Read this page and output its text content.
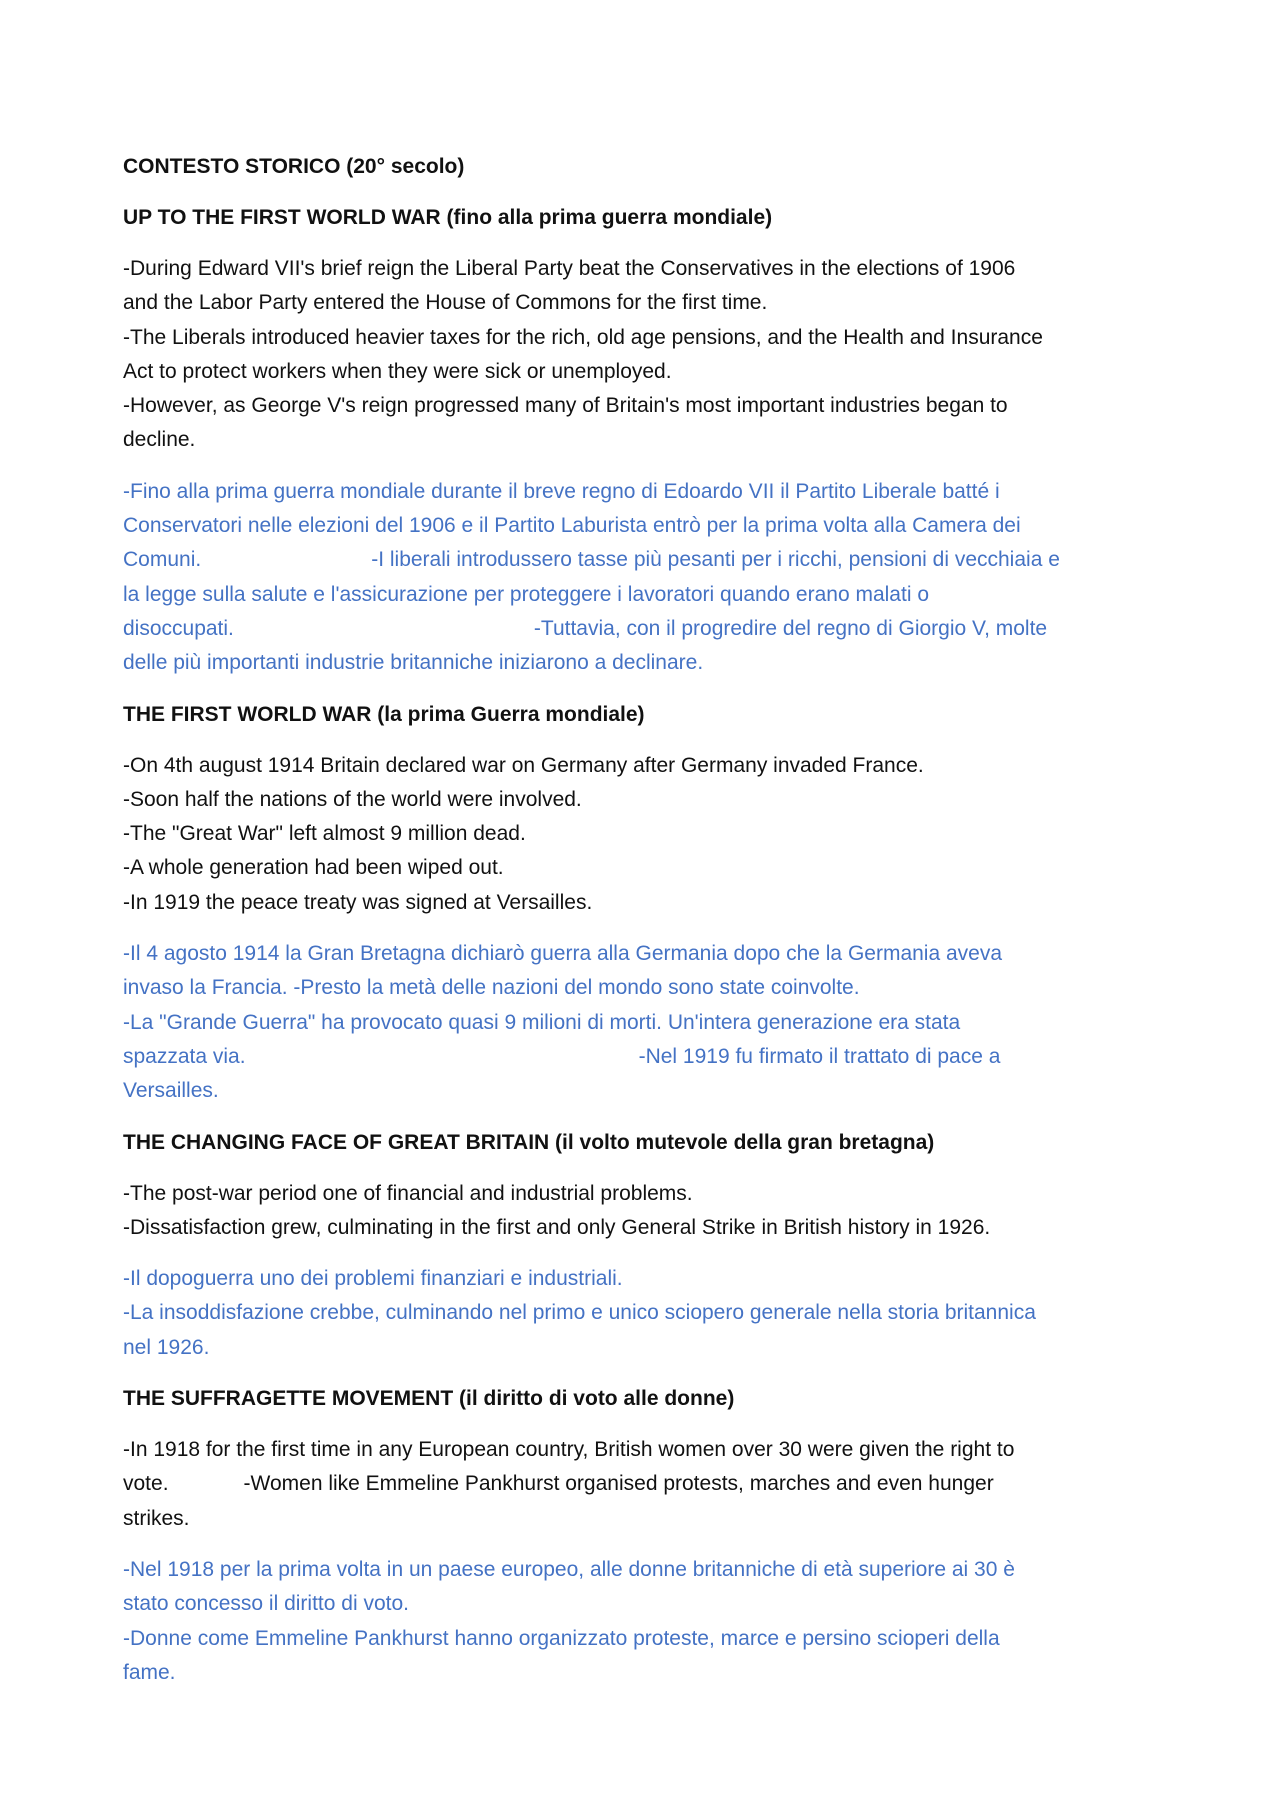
CONTESTO STORICO (20° secolo)
UP TO THE FIRST WORLD WAR (fino alla prima guerra mondiale)
-During Edward VII's brief reign the Liberal Party beat the Conservatives in the elections of 1906
and the Labor Party entered the House of Commons for the first time.
-The Liberals introduced heavier taxes for the rich, old age pensions, and the Health and Insurance
Act to protect workers when they were sick or unemployed.
-However, as George V's reign progressed many of Britain's most important industries began to
decline.
-Fino alla prima guerra mondiale durante il breve regno di Edoardo VII il Partito Liberale batté i
Conservatori nelle elezioni del 1906 e il Partito Laburista entrò per la prima volta alla Camera dei
Comuni.	-I liberali introdussero tasse più pesanti per i ricchi, pensioni di vecchiaia e
la legge sulla salute e l'assicurazione per proteggere i lavoratori quando erano malati o
disoccupati.	-Tuttavia, con il progredire del regno di Giorgio V, molte
delle più importanti industrie britanniche iniziarono a declinare.
THE FIRST WORLD WAR (la prima Guerra mondiale)
-On 4th august 1914 Britain declared war on Germany after Germany invaded France.
-Soon half the nations of the world were involved.
-The "Great War" left almost 9 million dead.
-A whole generation had been wiped out.
-In 1919 the peace treaty was signed at Versailles.
-Il 4 agosto 1914 la Gran Bretagna dichiarò guerra alla Germania dopo che la Germania aveva
invaso la Francia. -Presto la metà delle nazioni del mondo sono state coinvolte.
-La "Grande Guerra" ha provocato quasi 9 milioni di morti. Un'intera generazione era stata
spazzata via.	-Nel 1919 fu firmato il trattato di pace a
Versailles.
THE CHANGING FACE OF GREAT BRITAIN (il volto mutevole della gran bretagna)
-The post-war period one of financial and industrial problems.
-Dissatisfaction grew, culminating in the first and only General Strike in British history in 1926.
-Il dopoguerra uno dei problemi finanziari e industriali.
-La insoddisfazione crebbe, culminando nel primo e unico sciopero generale nella storia britannica
nel 1926.
THE SUFFRAGETTE MOVEMENT (il diritto di voto alle donne)
-In 1918 for the first time in any European country, British women over 30 were given the right to
vote.	-Women like Emmeline Pankhurst organised protests, marches and even hunger
strikes.
-Nel 1918 per la prima volta in un paese europeo, alle donne britanniche di età superiore ai 30 è
stato concesso il diritto di voto.
-Donne come Emmeline Pankhurst hanno organizzato proteste, marce e persino scioperi della
fame.
